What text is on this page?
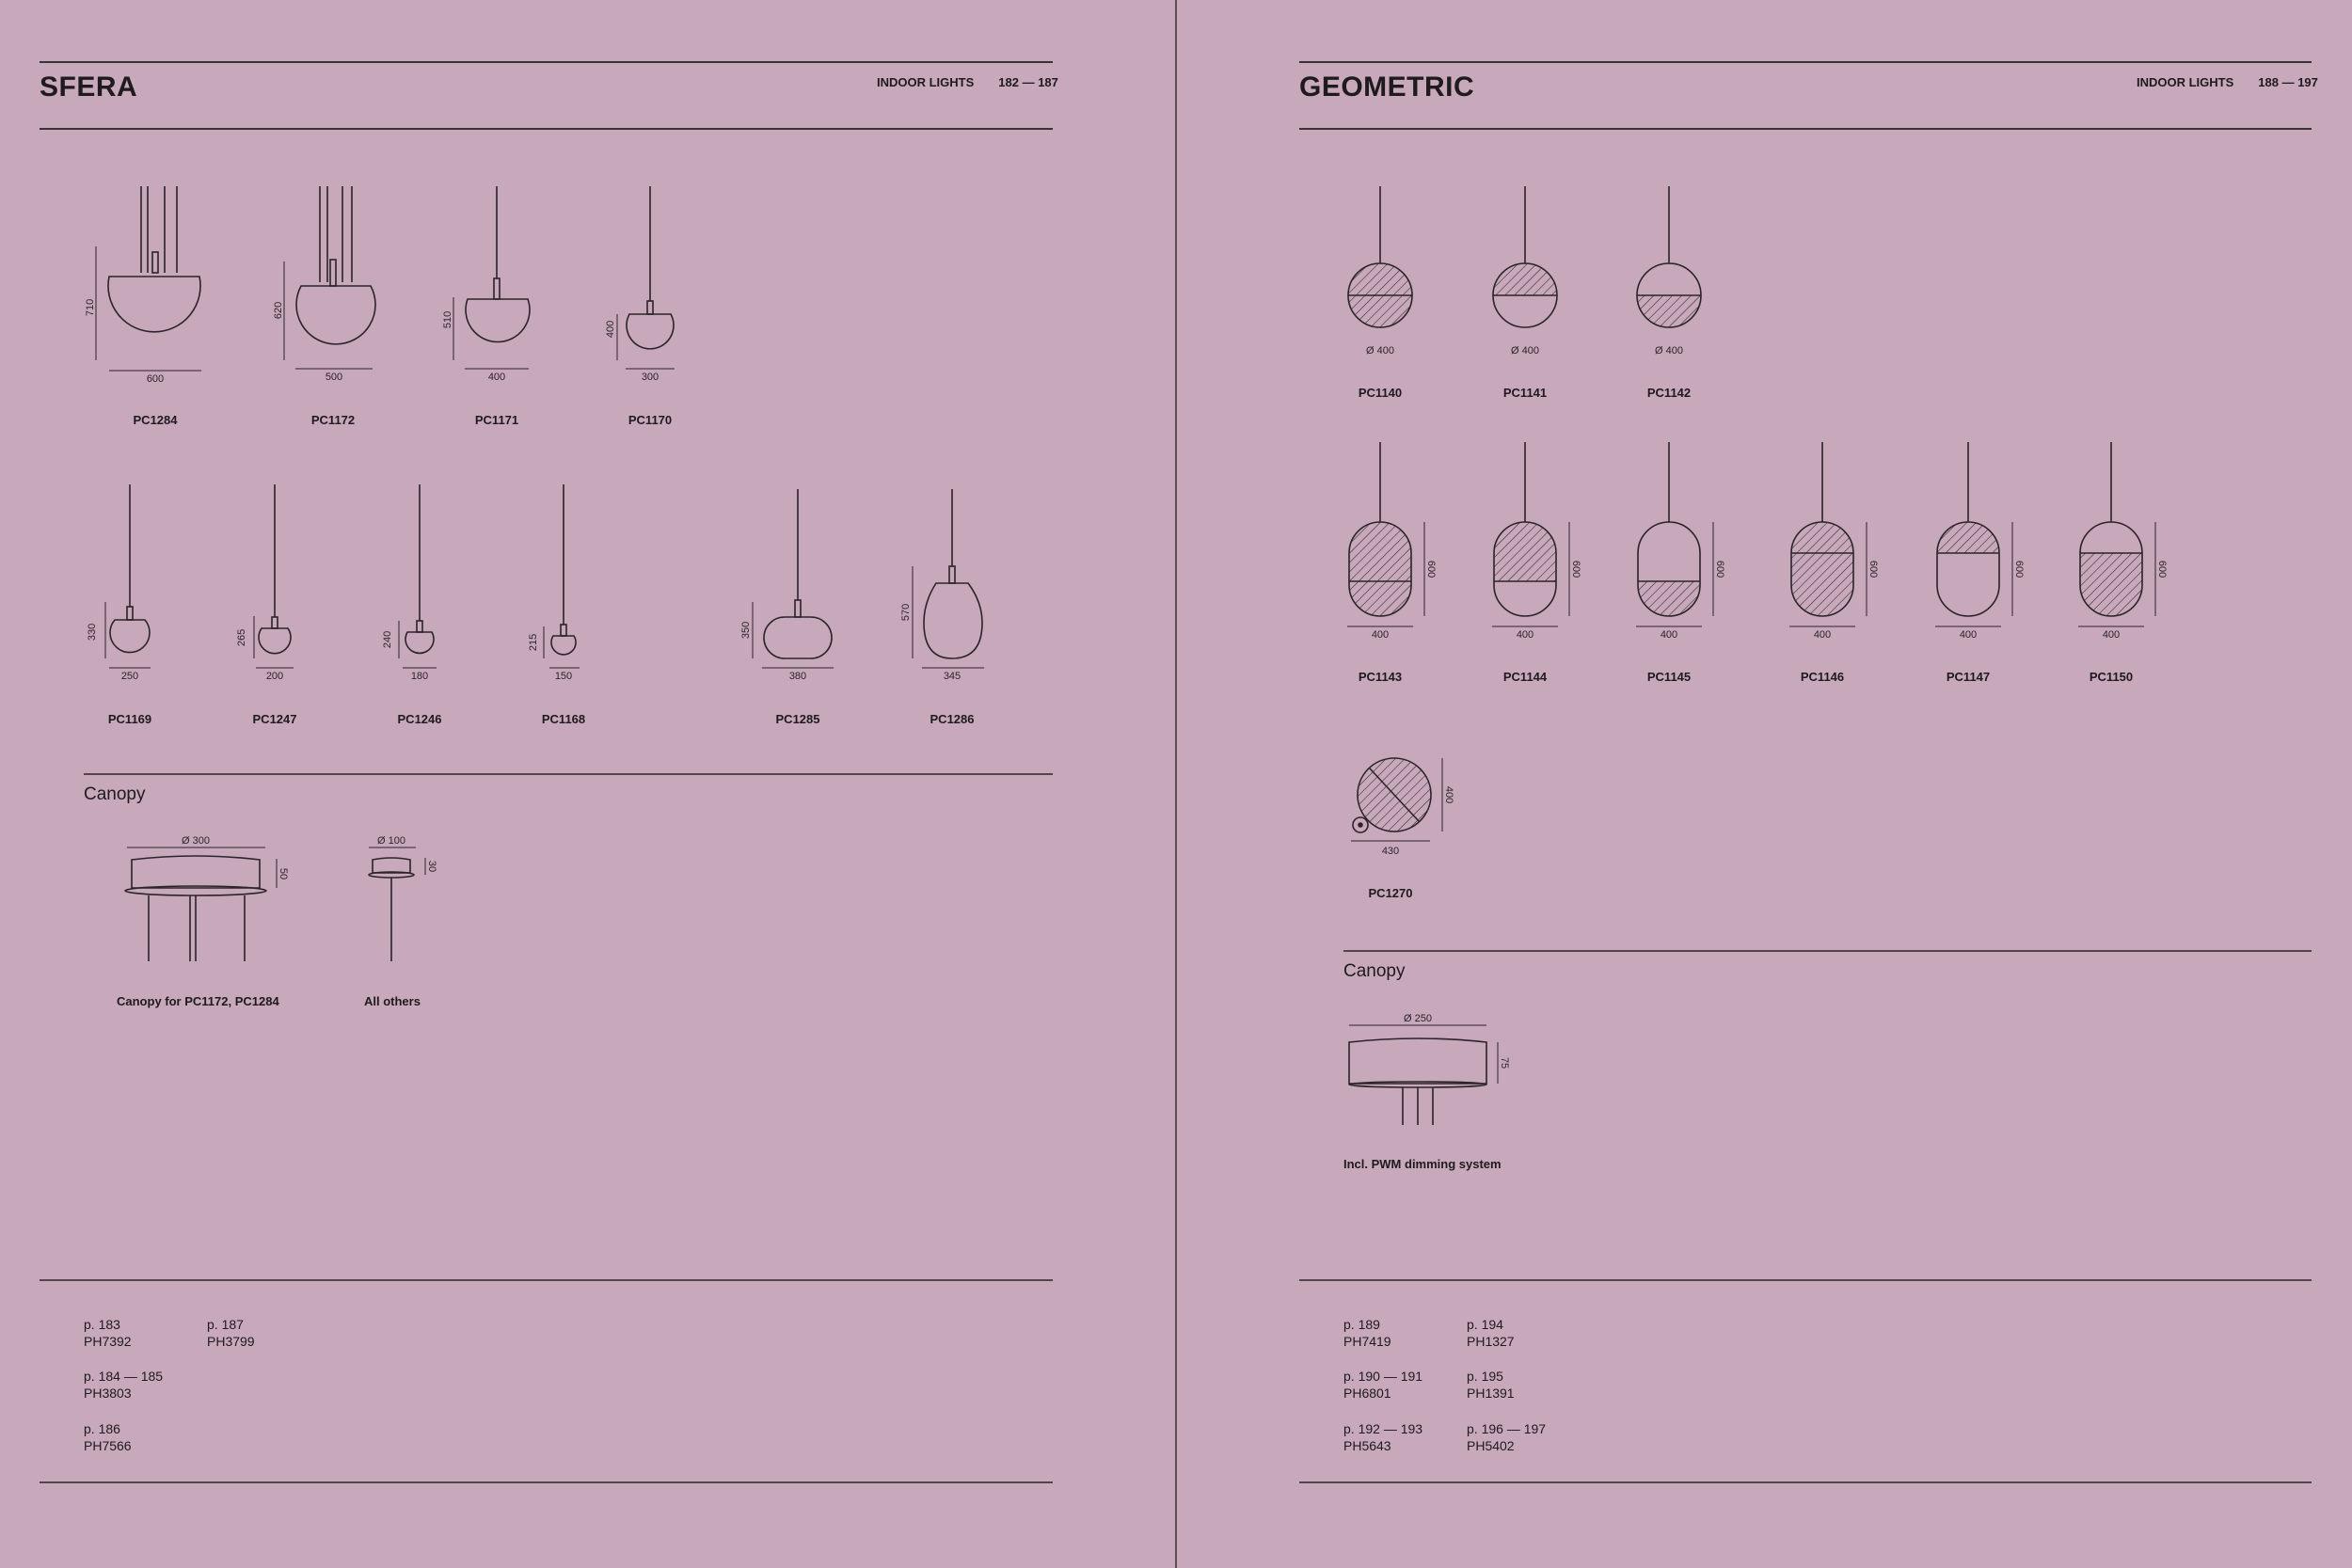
SFERA	INDOOR LIGHTS 182 — 187
600
710
500
620
400
510
300
400
250
330
200
265
180
240
150
215
380
350
345
570
Ø 300
50
Ø 100
30
PC1284	PC1172	PC1171	PC1170
PC1169	PC1247	PC1246	PC1168	PC1285	PC1286
Canopy
Canopy for PC1172, PC1284	All others
p. 183
PH7392
p. 184 — 185
PH3803
p. 186
PH7566
p. 187
PH3799
GEOMETRIC	INDOOR LIGHTS 188 — 197
Ø 400	Ø 400	Ø 400
400
600
400
600
400
600
400
600
400
600
400
600
430
400
Ø 250
75
PC1140	PC1141	PC1142
PC1143	PC1144	PC1145	PC1146	PC1147	PC1150
PC1270
Canopy
Incl. PWM dimming system
p. 189
PH7419
p. 190 — 191
PH6801
p. 192 — 193
PH5643
p. 194
PH1327
p. 195
PH1391
p. 196 — 197
PH5402
